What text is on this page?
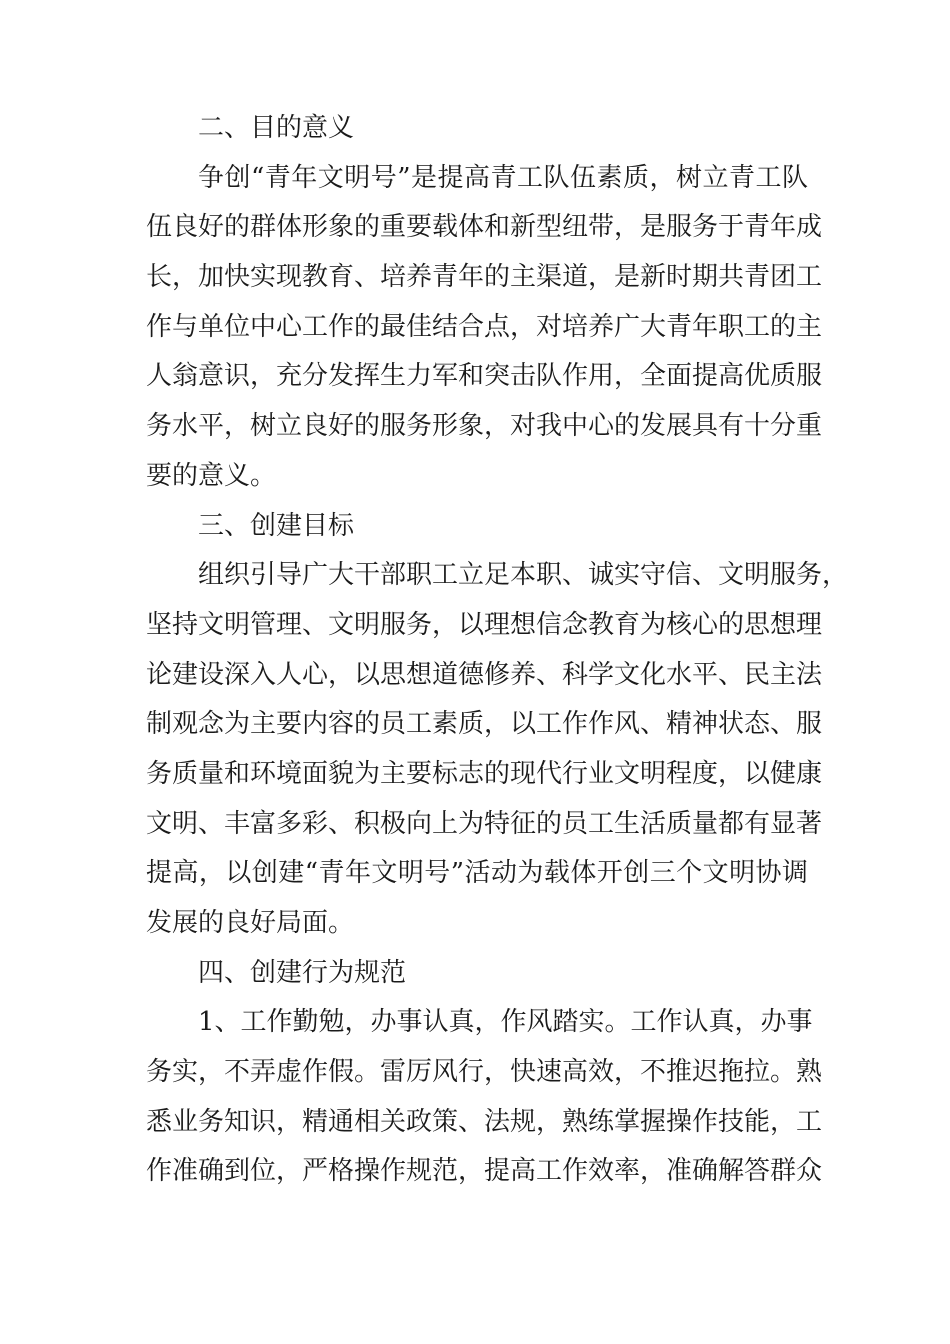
二、目的意义
争创“青年文明号”是提高青工队伍素质，树立青工队
伍良好的群体形象的重要载体和新型纽带，是服务于青年成
长，加快实现教育、培养青年的主渠道，是新时期共青团工
作与单位中心工作的最佳结合点，对培养广大青年职工的主
人翁意识，充分发挥生力军和突击队作用，全面提高优质服
务水平，树立良好的服务形象，对我中心的发展具有十分重
要的意义。
三、创建目标
组织引导广大干部职工立足本职、诚实守信、文明服务，
坚持文明管理、文明服务，以理想信念教育为核心的思想理
论建设深入人心，以思想道德修养、科学文化水平、民主法
制观念为主要内容的员工素质，以工作作风、精神状态、服
务质量和环境面貌为主要标志的现代行业文明程度，以健康
文明、丰富多彩、积极向上为特征的员工生活质量都有显著
提高，以创建“青年文明号”活动为载体开创三个文明协调
发展的良好局面。
四、创建行为规范
1、工作勤勉，办事认真，作风踏实。工作认真，办事
务实，不弄虚作假。雷厉风行，快速高效，不推迟拖拉。熟
悉业务知识，精通相关政策、法规，熟练掌握操作技能，工
作准确到位，严格操作规范，提高工作效率，准确解答群众
